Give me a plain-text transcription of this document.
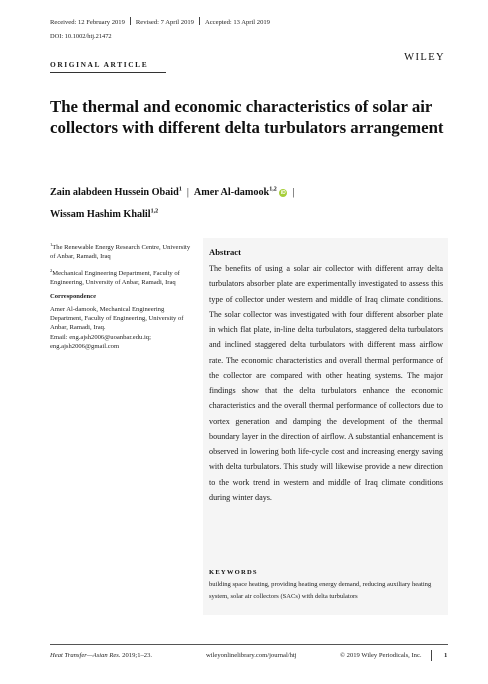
Received: 12 February 2019 Revised: 7 April 2019 Accepted: 13 April 2019
DOI: 10.1002/htj.21472
ORIGINAL ARTICLE
WILEY
The thermal and economic characteristics of solar air collectors with different delta turbulators arrangement
Zain alabdeen Hussein Obaid$^1$ | Amer Al-damook$^{1,2}$ iD |
Wissam Hashim Khalil$^{1,2}$

$^1$The Renewable Energy Research Centre, University of Anbar, Ramadi, Iraq

$^2$Mechanical Engineering Department, Faculty of Engineering, University of Anbar, Ramadi, Iraq

Correspondence

Amer Al-damook, Mechanical Engineering Department, Faculty of Engineering, University of Anbar, Ramadi, Iraq.

Email: eng.ajsh2006@uoanbar.edu.iq; eng.ajsh2006@gmail.com

Abstract

The benefits of using a solar air collector with different array delta turbulators absorber plate are experimentally investigated to assess this type of collector under western and middle of Iraq climate conditions. The solar collector was investigated with four different absorber plate in which flat plate, in-line delta turbulators, staggered delta turbulators and inclined staggered delta turbulators with different mass airflow rate. The economic characteristics and overall thermal performance of the collector are compared with other heating systems. The major findings show that the delta turbulators enhance the economic characteristics and the overall thermal performance of collectors due to vortex generation and damping the development of the thermal boundary layer in the direction of airflow. A substantial enhancement is observed in lowering both life-cycle cost and increasing energy saving with delta turbulators. This study will likewise provide a new direction to the work trend in western and middle of Iraq climate conditions during winter days.

KEYWORDS

building space heating, providing heating energy demand, reducing auxiliary heating system, solar air collectors (SACs) with delta turbulators

Heat Transfer—Asian Res. 2019;1–23.	wileyonlinelibrary.com/journal/htj	© 2019 Wiley Periodicals, Inc.	1
